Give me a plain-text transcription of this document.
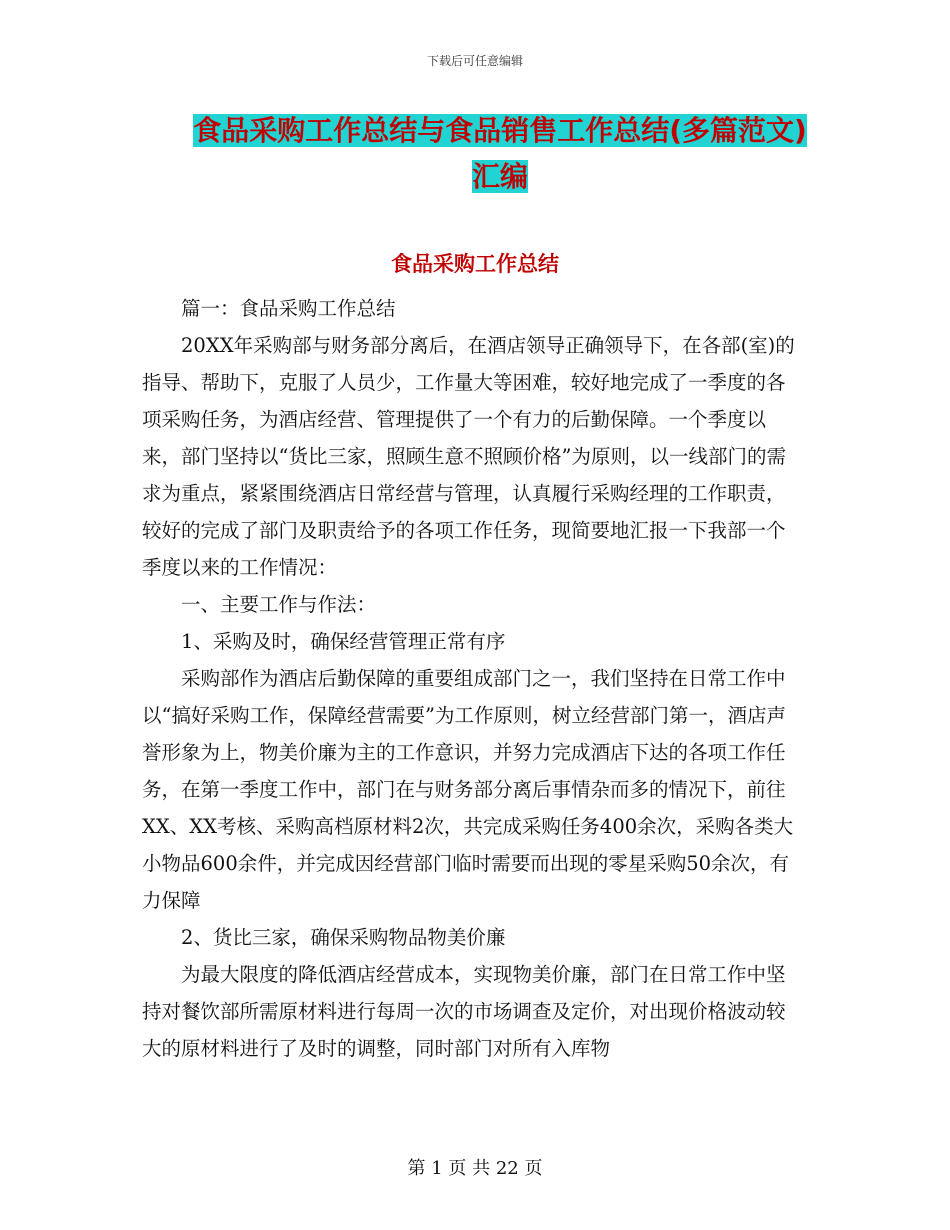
下载后可任意编辑
食品采购工作总结与食品销售工作总结(多篇范文)汇编
食品采购工作总结

篇一：食品采购工作总结

20XX年采购部与财务部分离后，在酒店领导正确领导下，在各部(室)的指导、帮助下，克服了人员少，工作量大等困难，较好地完成了一季度的各项采购任务，为酒店经营、管理提供了一个有力的后勤保障。一个季度以来，部门坚持以“货比三家，照顾生意不照顾价格”为原则，以一线部门的需求为重点，紧紧围绕酒店日常经营与管理，认真履行采购经理的工作职责，较好的完成了部门及职责给予的各项工作任务，现简要地汇报一下我部一个季度以来的工作情况：

一、主要工作与作法：

1、采购及时，确保经营管理正常有序

采购部作为酒店后勤保障的重要组成部门之一，我们坚持在日常工作中以“搞好采购工作，保障经营需要”为工作原则，树立经营部门第一，酒店声誉形象为上，物美价廉为主的工作意识，并努力完成酒店下达的各项工作任务，在第一季度工作中，部门在与财务部分离后事情杂而多的情况下，前往XX、XX考核、采购高档原材料2次，共完成采购任务400余次，采购各类大小物品600余件，并完成因经营部门临时需要而出现的零星采购50余次，有力保障

2、货比三家，确保采购物品物美价廉

为最大限度的降低酒店经营成本，实现物美价廉，部门在日常工作中坚持对餐饮部所需原材料进行每周一次的市场调查及定价，对出现价格波动较大的原材料进行了及时的调整，同时部门对所有入库物

第 1 页 共 22 页
